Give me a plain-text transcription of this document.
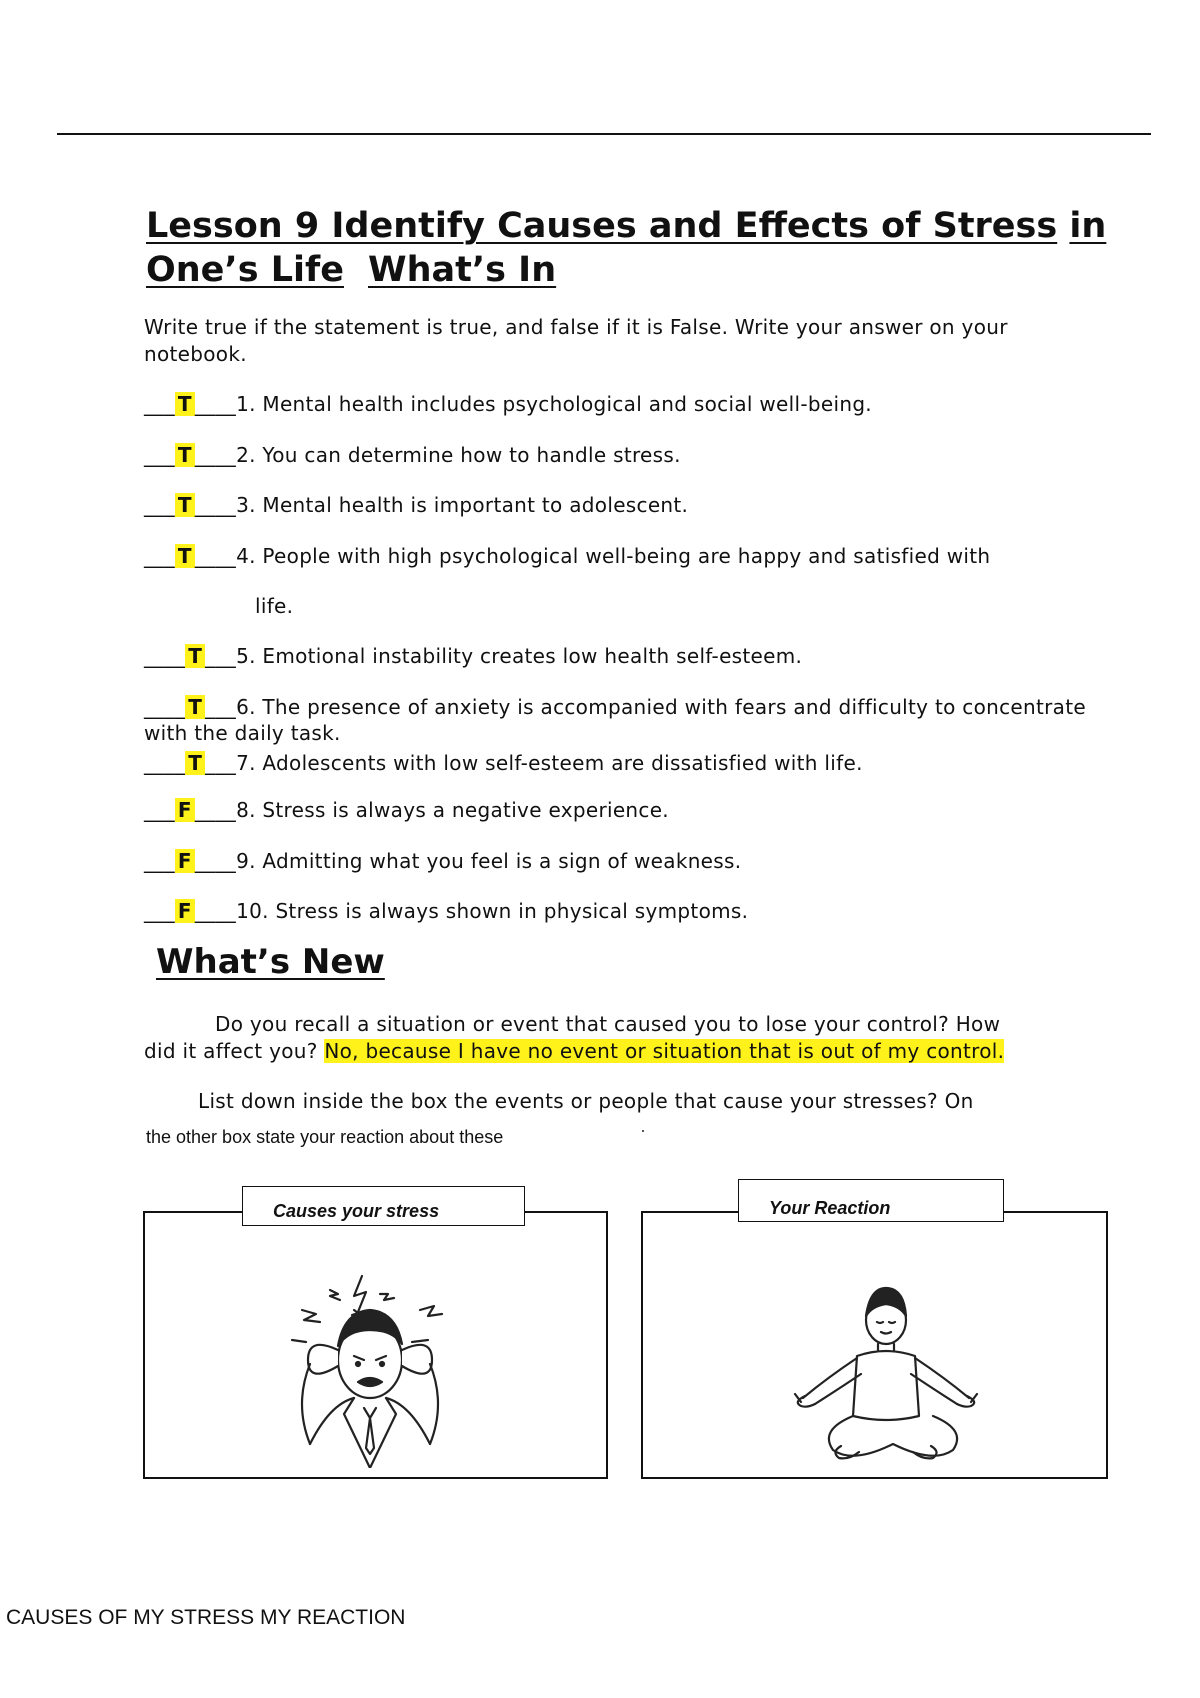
Lesson 9 Identify Causes and Effects of Stress in
One’s Life What’s In

Write true if the statement is true, and false if it is False. Write your answer on your

notebook.

___ T ____1. Mental health includes psychological and social well-being.

___ T ____2. You can determine how to handle stress.

___ T ____3. Mental health is important to adolescent.

___ T ____4. People with high psychological well-being are happy and satisfied with

life.

____ T ___5. Emotional instability creates low health self-esteem.

____ T ___6. The presence of anxiety is accompanied with fears and difficulty to concentrate

with the daily task.

____ T ___7. Adolescents with low self-esteem are dissatisfied with life.

___ F ____8. Stress is always a negative experience.

___ F ____9. Admitting what you feel is a sign of weakness.

___ F ____10. Stress is always shown in physical symptoms.

What’s New

Do you recall a situation or event that caused you to lose your control? How

did it affect you? No, because I have no event or situation that is out of my control.

List down inside the box the events or people that cause your stresses? On

the other box state your reaction about these

Causes your stress	Your Reaction

CAUSES OF MY STRESS MY REACTION
